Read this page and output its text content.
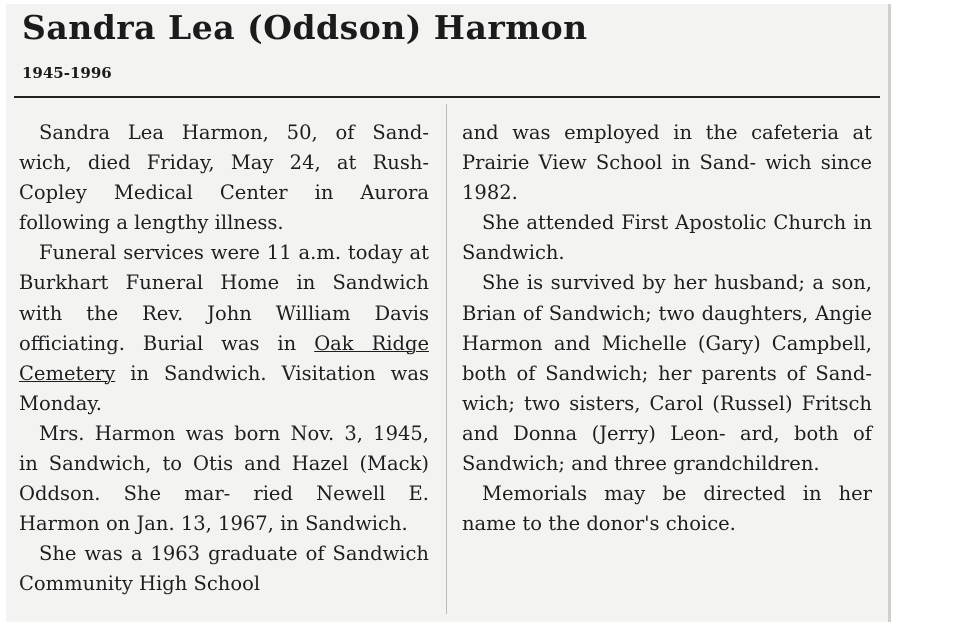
Sandra Lea (Oddson) Harmon
1945-1996

Sandra Lea Harmon, 50, of Sand- wich, died Friday, May 24, at Rush-Copley Medical Center in Aurora following a lengthy illness.

Funeral services were 11 a.m. today at Burkhart Funeral Home in Sandwich with the Rev. John William Davis officiating. Burial was in Oak Ridge Cemetery in Sandwich. Visitation was Monday.

Mrs. Harmon was born Nov. 3, 1945, in Sandwich, to Otis and Hazel (Mack) Oddson. She mar- ried Newell E. Harmon on Jan. 13, 1967, in Sandwich.

She was a 1963 graduate of Sandwich Community High School

and was employed in the cafeteria at Prairie View School in Sand- wich since 1982.

She attended First Apostolic Church in Sandwich.

She is survived by her husband; a son, Brian of Sandwich; two daughters, Angie Harmon and Michelle (Gary) Campbell, both of Sandwich; her parents of Sand- wich; two sisters, Carol (Russel) Fritsch and Donna (Jerry) Leon- ard, both of Sandwich; and three grandchildren.

Memorials may be directed in her name to the donor's choice.
